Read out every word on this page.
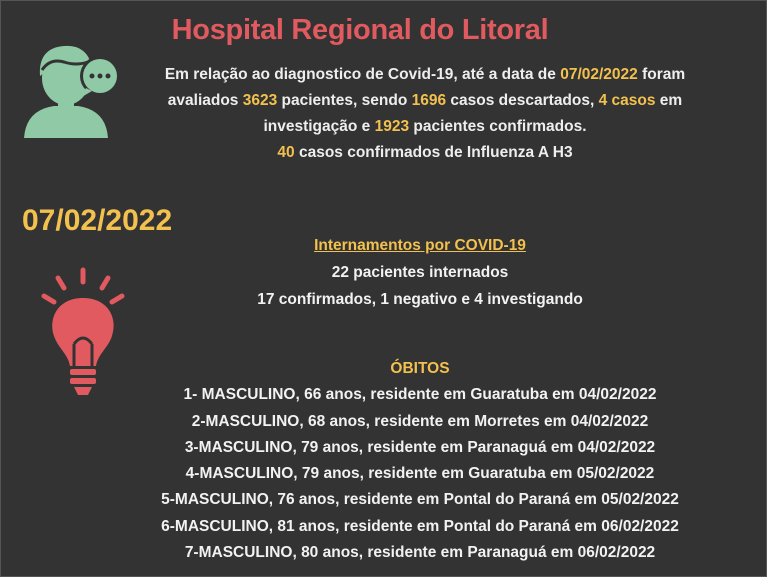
Hospital Regional do Litoral
Em relação ao diagnostico de Covid-19, até a data de 07/02/2022 foram
avaliados 3623 pacientes, sendo 1696 casos descartados, 4 casos em
investigação e 1923 pacientes confirmados.
40 casos confirmados de Influenza A H3
07/02/2022
Internamentos por COVID-19
22 pacientes internados
17 confirmados, 1 negativo e 4 investigando
ÓBITOS
1- MASCULINO, 66 anos, residente em Guaratuba em 04/02/2022
2-MASCULINO, 68 anos, residente em Morretes em 04/02/2022
3-MASCULINO, 79 anos, residente em Paranaguá em 04/02/2022
4-MASCULINO, 79 anos, residente em Guaratuba em 05/02/2022
5-MASCULINO, 76 anos, residente em Pontal do Paraná em 05/02/2022
6-MASCULINO, 81 anos, residente em Pontal do Paraná em 06/02/2022
7-MASCULINO, 80 anos, residente em Paranaguá em 06/02/2022
